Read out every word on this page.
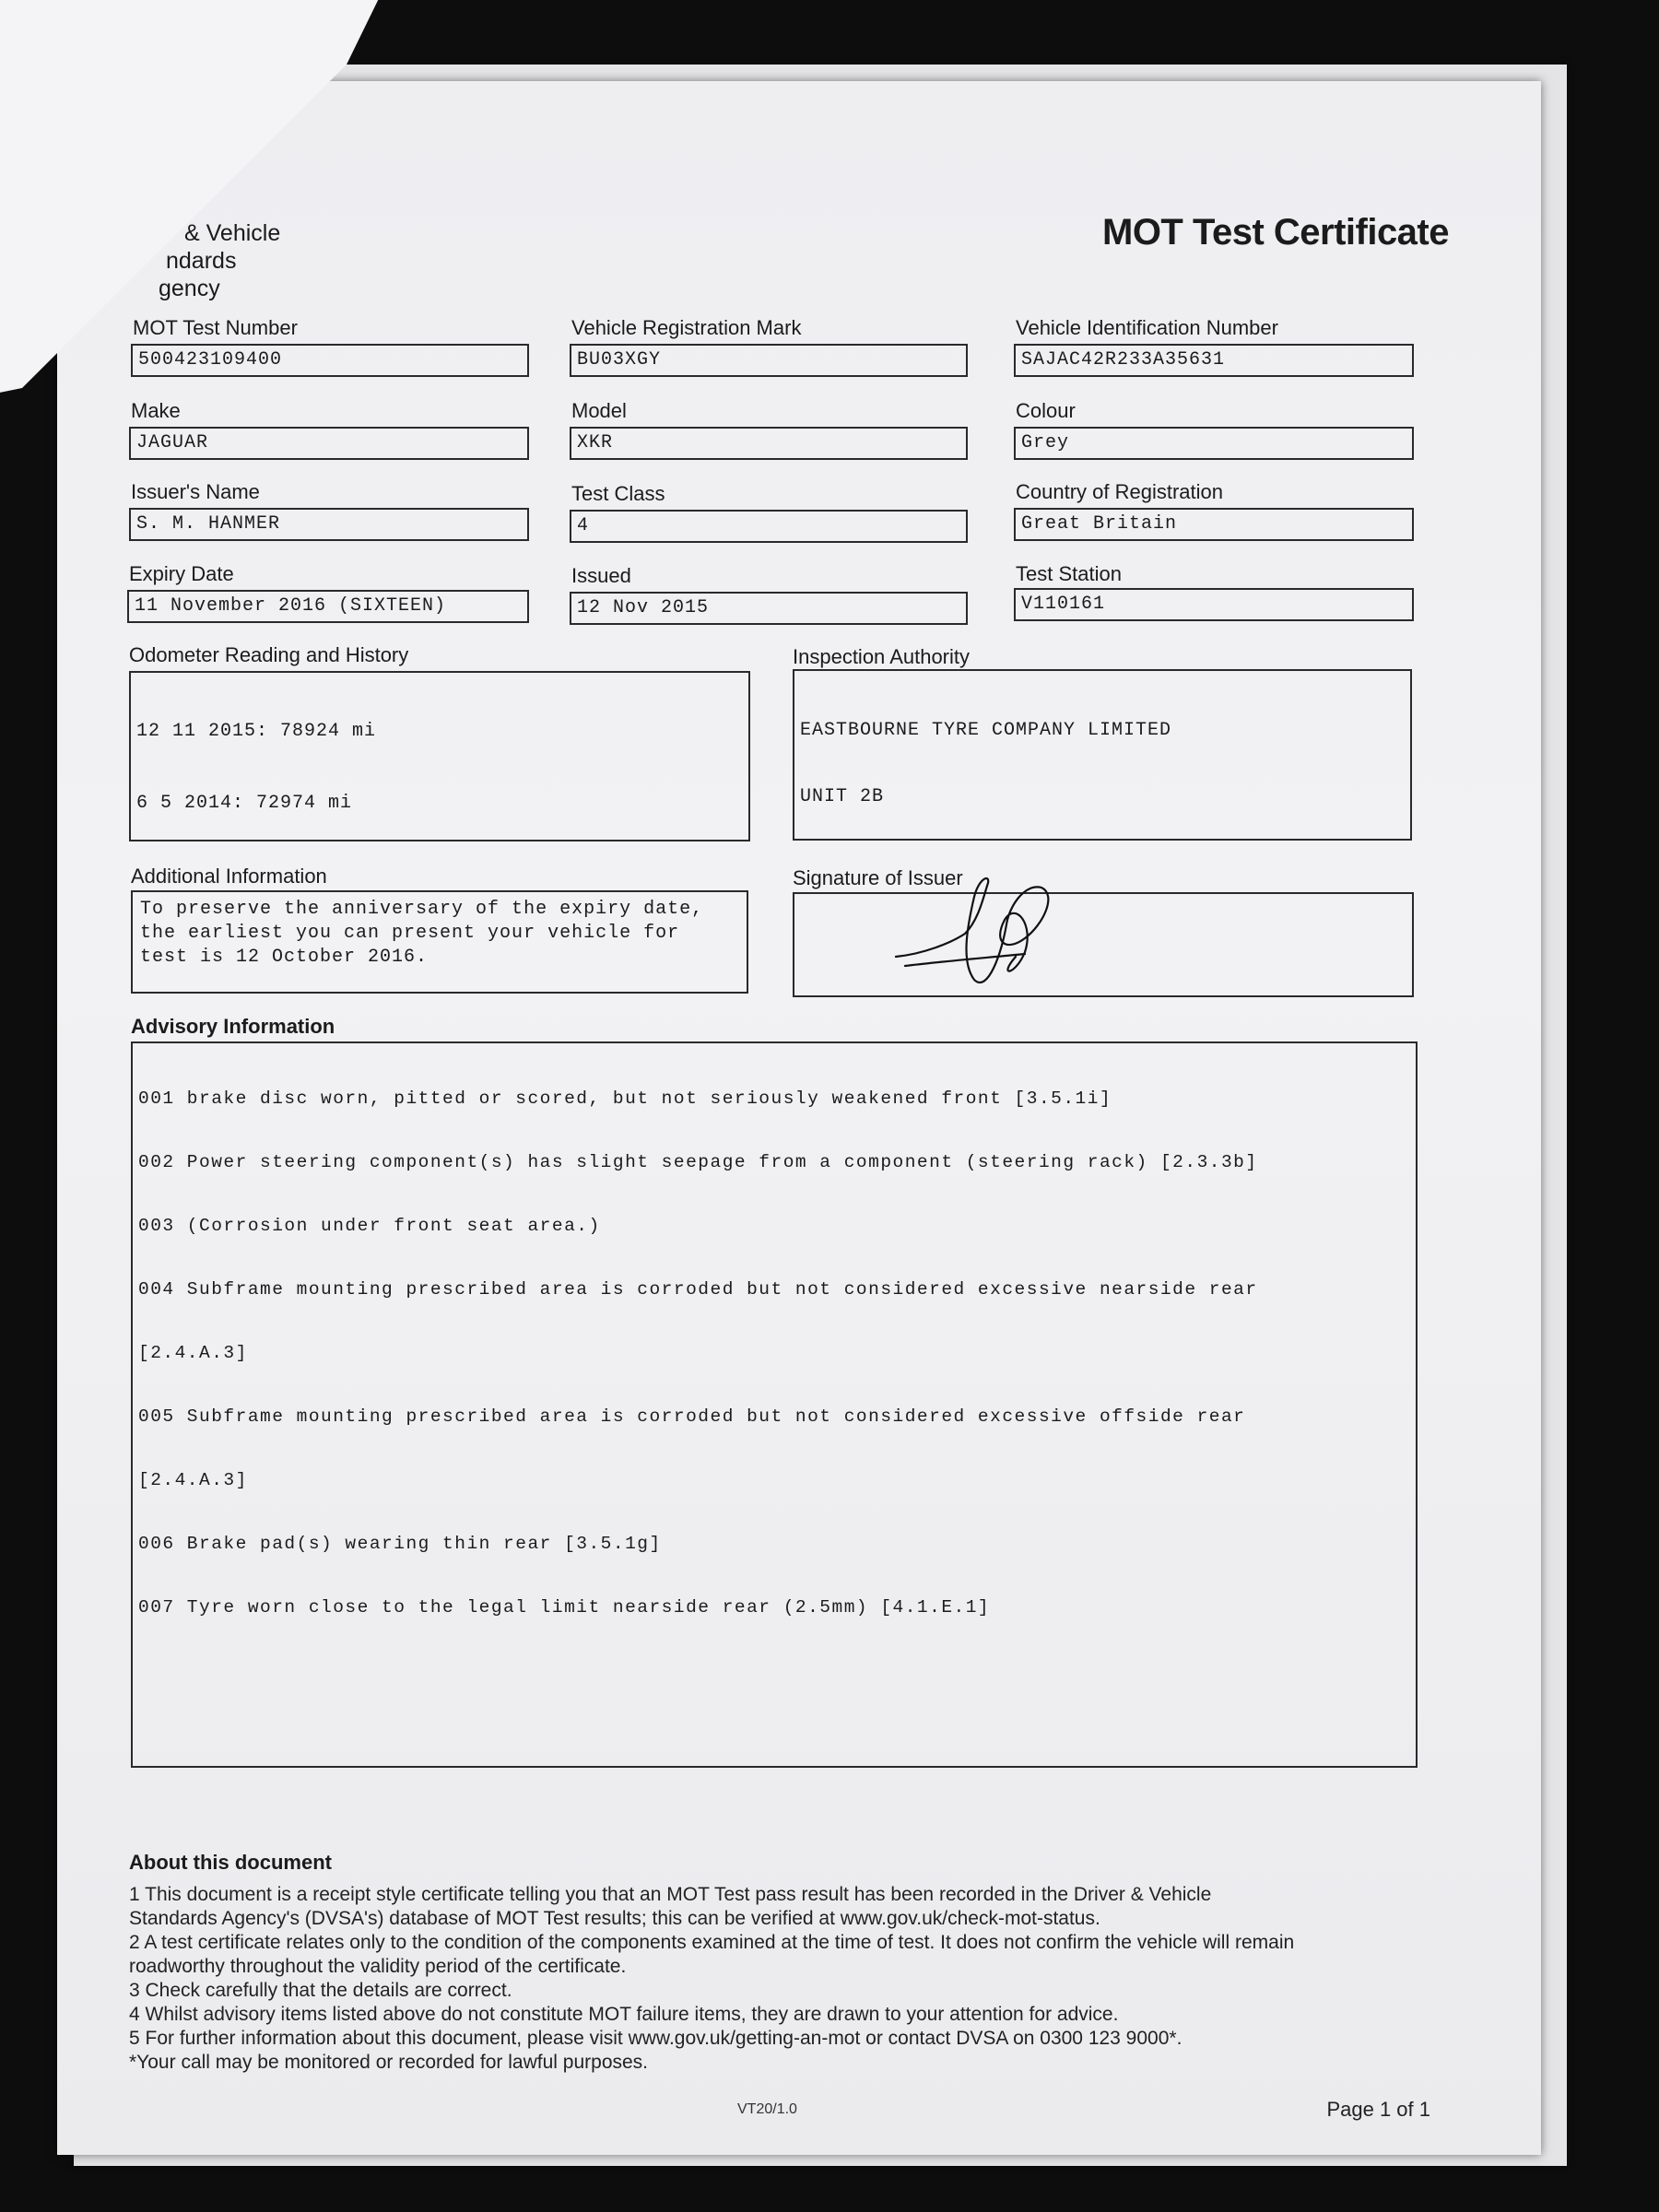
& Vehicle
ndards
gency
MOT Test Certificate
MOT Test Number
500423109400
Vehicle Registration Mark
BU03XGY
Vehicle Identification Number
SAJAC42R233A35631
Make
JAGUAR
Model
XKR
Colour
Grey
Issuer's Name
S. M. HANMER
Test Class
4
Country of Registration
Great Britain
Expiry Date
11 November 2016 (SIXTEEN)
Issued
12 Nov 2015
Test Station
V110161
Odometer Reading and History

12 11 2015: 78924 mi

6 5 2014: 72974 mi

Inspection Authority

EASTBOURNE TYRE COMPANY LIMITED

UNIT 2B

Additional Information
To preserve the anniversary of the expiry date,
the earliest you can present your vehicle for
test is 12 October 2016.
Signature of Issuer
Advisory Information

001 brake disc worn, pitted or scored, but not seriously weakened front [3.5.1i]

002 Power steering component(s) has slight seepage from a component (steering rack) [2.3.3b]

003 (Corrosion under front seat area.)

004 Subframe mounting prescribed area is corroded but not considered excessive nearside rear

[2.4.A.3]

005 Subframe mounting prescribed area is corroded but not considered excessive offside rear

[2.4.A.3]

006 Brake pad(s) wearing thin rear [3.5.1g]

007 Tyre worn close to the legal limit nearside rear (2.5mm) [4.1.E.1]

About this document
1 This document is a receipt style certificate telling you that an MOT Test pass result has been recorded in the Driver & Vehicle
Standards Agency's (DVSA's) database of MOT Test results; this can be verified at www.gov.uk/check-mot-status.
2 A test certificate relates only to the condition of the components examined at the time of test. It does not confirm the vehicle will remain
roadworthy throughout the validity period of the certificate.
3 Check carefully that the details are correct.
4 Whilst advisory items listed above do not constitute MOT failure items, they are drawn to your attention for advice.
5 For further information about this document, please visit www.gov.uk/getting-an-mot or contact DVSA on 0300 123 9000*.
*Your call may be monitored or recorded for lawful purposes.
VT20/1.0	Page 1 of 1
